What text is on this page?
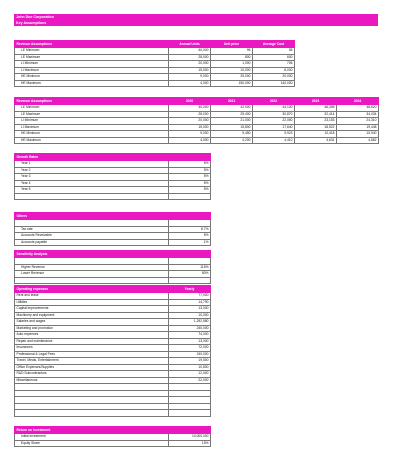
John Doe Corporation
Key Assumptions
Revenue Assumptions	Annual Units	Unit price	Average Cost
LE Minimum	40,000	95	55
LE Maximum	28,000	800	600
LI Minimum	20,000	1,000	706
LI Maximum	15,000	10,000	8,000
HE Minimum	9,000	25,000	20,000
HE Maximum	4,000	150,000	140,000
Revenue Assumptions	2020	2021	2022	2023	2024
LE Minimum	40,000	42,000	44,100	46,305	48,620
LE Maximum	28,000	29,400	30,870	32,414	34,034
LI Minimum	20,000	21,000	22,050	23,153	24,310
LI Maximum	15,000	15,800	17,640	18,522	19,448
HE Minimum	9,000	9,450	9,923	10,418	10,940
HE Maximum	4,000	4,200	4,410	4,631	4,862
Growth Rates	
Year 1	5%
Year 2	5%
Year 3	5%
Year 4	5%
Year 5	5%

Others	

Tax rate	8.7%
Accounts Receivable	5%
Accounts payable	1%
Sensitivity Analysis	

Higher Revenue	115%
Lower Revenue	80%

Operating expenses	Yearly
Rent and lease	77,000
Utilities	14,790
Capital improvements	13,000
Machinery and equipment	10,000
Salaries and wages	1,292,580
Marketing and promotion	240,000
Auto expenses	74,000
Repair and maintenance	13,000
Insurances	72,000
Professional & Legal Fees	240,000
Travel, Meals, Entertainment	19,500
Office Expenses/Supplies	10,800
R&D Subcontractors	12,000
Miscellaneous	22,000

Return on Investment	
Initial investment	10,000,000
Equity Share	15%
